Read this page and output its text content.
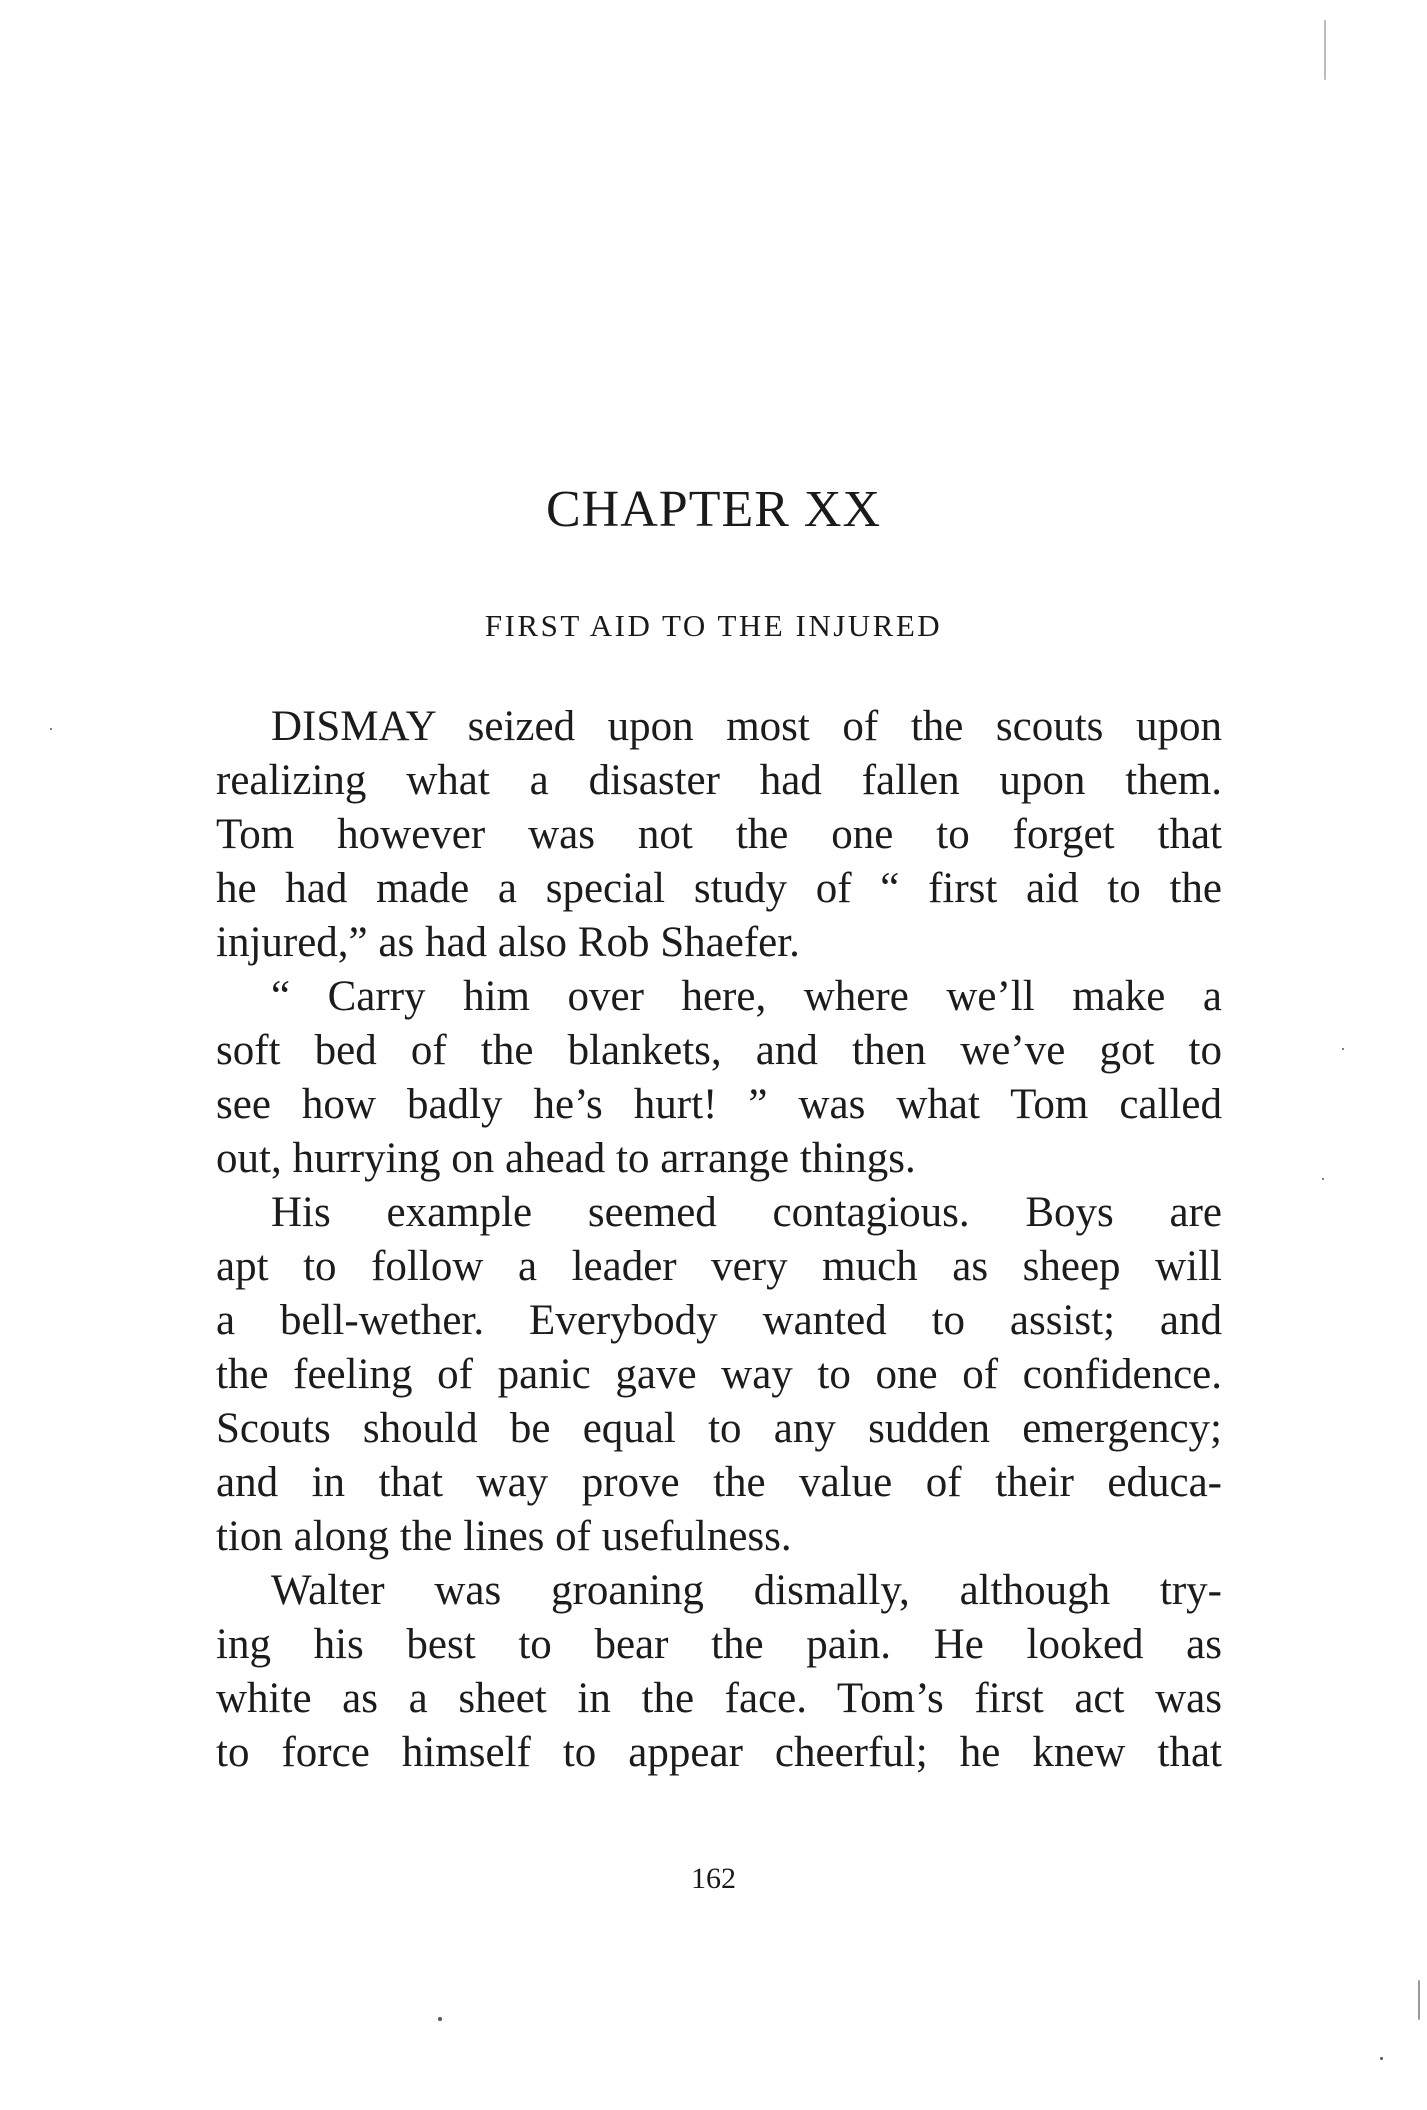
CHAPTER XX
FIRST AID TO THE INJURED
DISMAY seized upon most of the scouts upon
realizing what a disaster had fallen upon them.
Tom however was not the one to forget that
he had made a special study of “ first aid to the
injured,” as had also Rob Shaefer.
“ Carry him over here, where we’ll make a
soft bed of the blankets, and then we’ve got to
see how badly he’s hurt! ” was what Tom called
out, hurrying on ahead to arrange things.
His example seemed contagious. Boys are
apt to follow a leader very much as sheep will
a bell-wether. Everybody wanted to assist; and
the feeling of panic gave way to one of confidence.
Scouts should be equal to any sudden emergency;
and in that way prove the value of their educa-
tion along the lines of usefulness.
Walter was groaning dismally, although try-
ing his best to bear the pain. He looked as
white as a sheet in the face. Tom’s first act was
to force himself to appear cheerful; he knew that
162
